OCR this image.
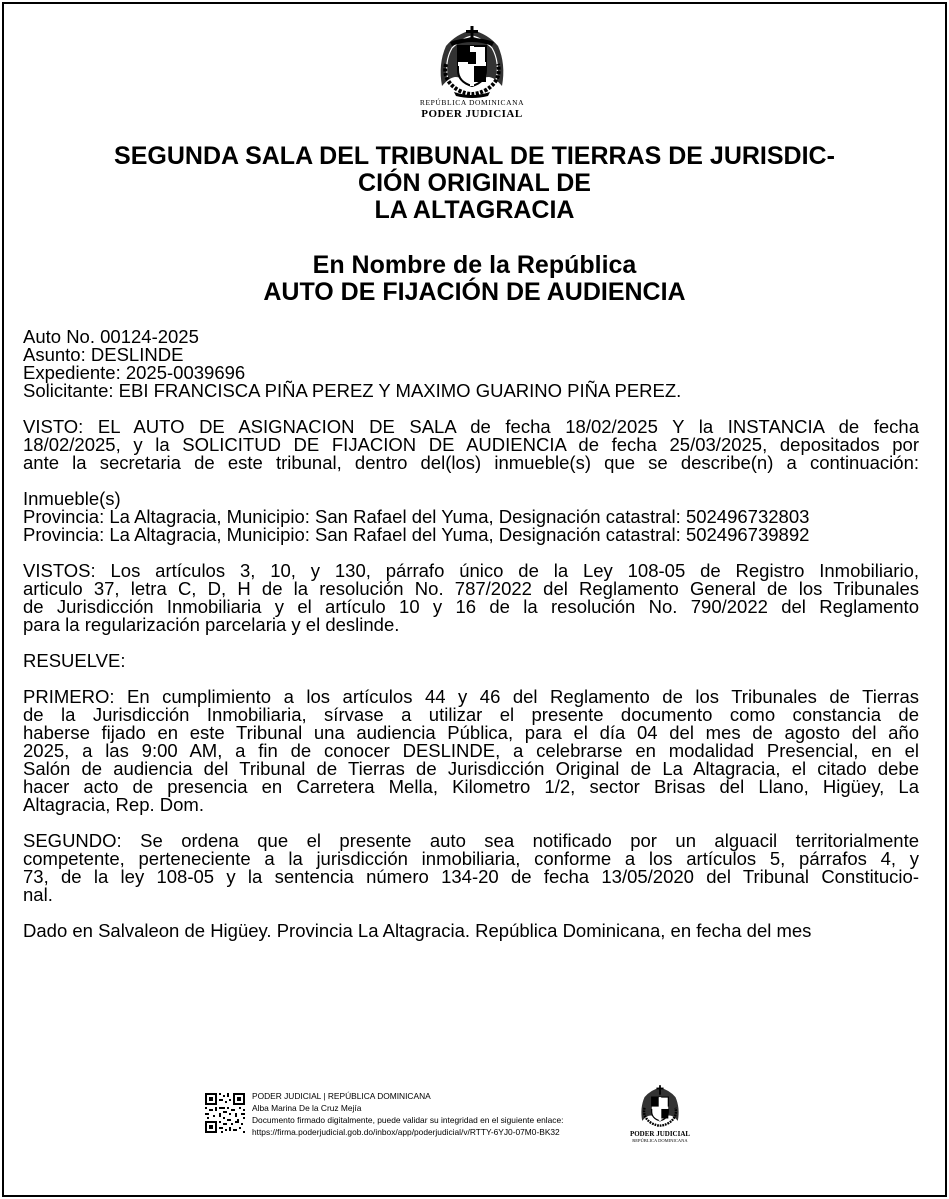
REPÚBLICA DOMINICANA
PODER JUDICIAL
SEGUNDA SALA DEL TRIBUNAL DE TIERRAS DE JURISDIC-
CIÓN ORIGINAL DE
LA ALTAGRACIA
En Nombre de la República
AUTO DE FIJACIÓN DE AUDIENCIA
Auto No. 00124-2025
Asunto: DESLINDE
Expediente: 2025-0039696
Solicitante: EBI FRANCISCA PIÑA PEREZ Y MAXIMO GUARINO PIÑA PEREZ.
VISTO: EL AUTO DE ASIGNACION DE SALA de fecha 18/02/2025 Y la INSTANCIA de fecha
18/02/2025, y la SOLICITUD DE FIJACION DE AUDIENCIA de fecha 25/03/2025, depositados por
ante la secretaria de este tribunal, dentro del(los) inmueble(s) que se describe(n) a continuación:
Inmueble(s)
Provincia: La Altagracia, Municipio: San Rafael del Yuma, Designación catastral: 502496732803
Provincia: La Altagracia, Municipio: San Rafael del Yuma, Designación catastral: 502496739892
VISTOS: Los artículos 3, 10, y 130, párrafo único de la Ley 108-05 de Registro Inmobiliario,
articulo 37, letra C, D, H de la resolución No. 787/2022 del Reglamento General de los Tribunales
de Jurisdicción Inmobiliaria y el artículo 10 y 16 de la resolución No. 790/2022 del Reglamento
para la regularización parcelaria y el deslinde.
RESUELVE:
PRIMERO: En cumplimiento a los artículos 44 y 46 del Reglamento de los Tribunales de Tierras
de la Jurisdicción Inmobiliaria, sírvase a utilizar el presente documento como constancia de
haberse fijado en este Tribunal una audiencia Pública, para el día 04 del mes de agosto del año
2025, a las 9:00 AM, a fin de conocer DESLINDE, a celebrarse en modalidad Presencial, en el
Salón de audiencia del Tribunal de Tierras de Jurisdicción Original de La Altagracia, el citado debe
hacer acto de presencia en Carretera Mella, Kilometro 1/2, sector Brisas del Llano, Higüey, La
Altagracia, Rep. Dom.
SEGUNDO: Se ordena que el presente auto sea notificado por un alguacil territorialmente
competente, perteneciente a la jurisdicción inmobiliaria, conforme a los artículos 5, párrafos 4, y
73, de la ley 108-05 y la sentencia número 134-20 de fecha 13/05/2020 del Tribunal Constitucio-
nal.
Dado en Salvaleon de Higüey. Provincia La Altagracia. República Dominicana, en fecha del mes
PODER JUDICIAL | REPÚBLICA DOMINICANA
Alba Marina De la Cruz Mejía
Documento firmado digitalmente, puede validar su integridad en el siguiente enlace:
https://firma.poderjudicial.gob.do/inbox/app/poderjudicial/v/RTTY-6YJ0-07M0-BK32	PODER JUDICIAL
REPÚBLICA DOMINICANA
